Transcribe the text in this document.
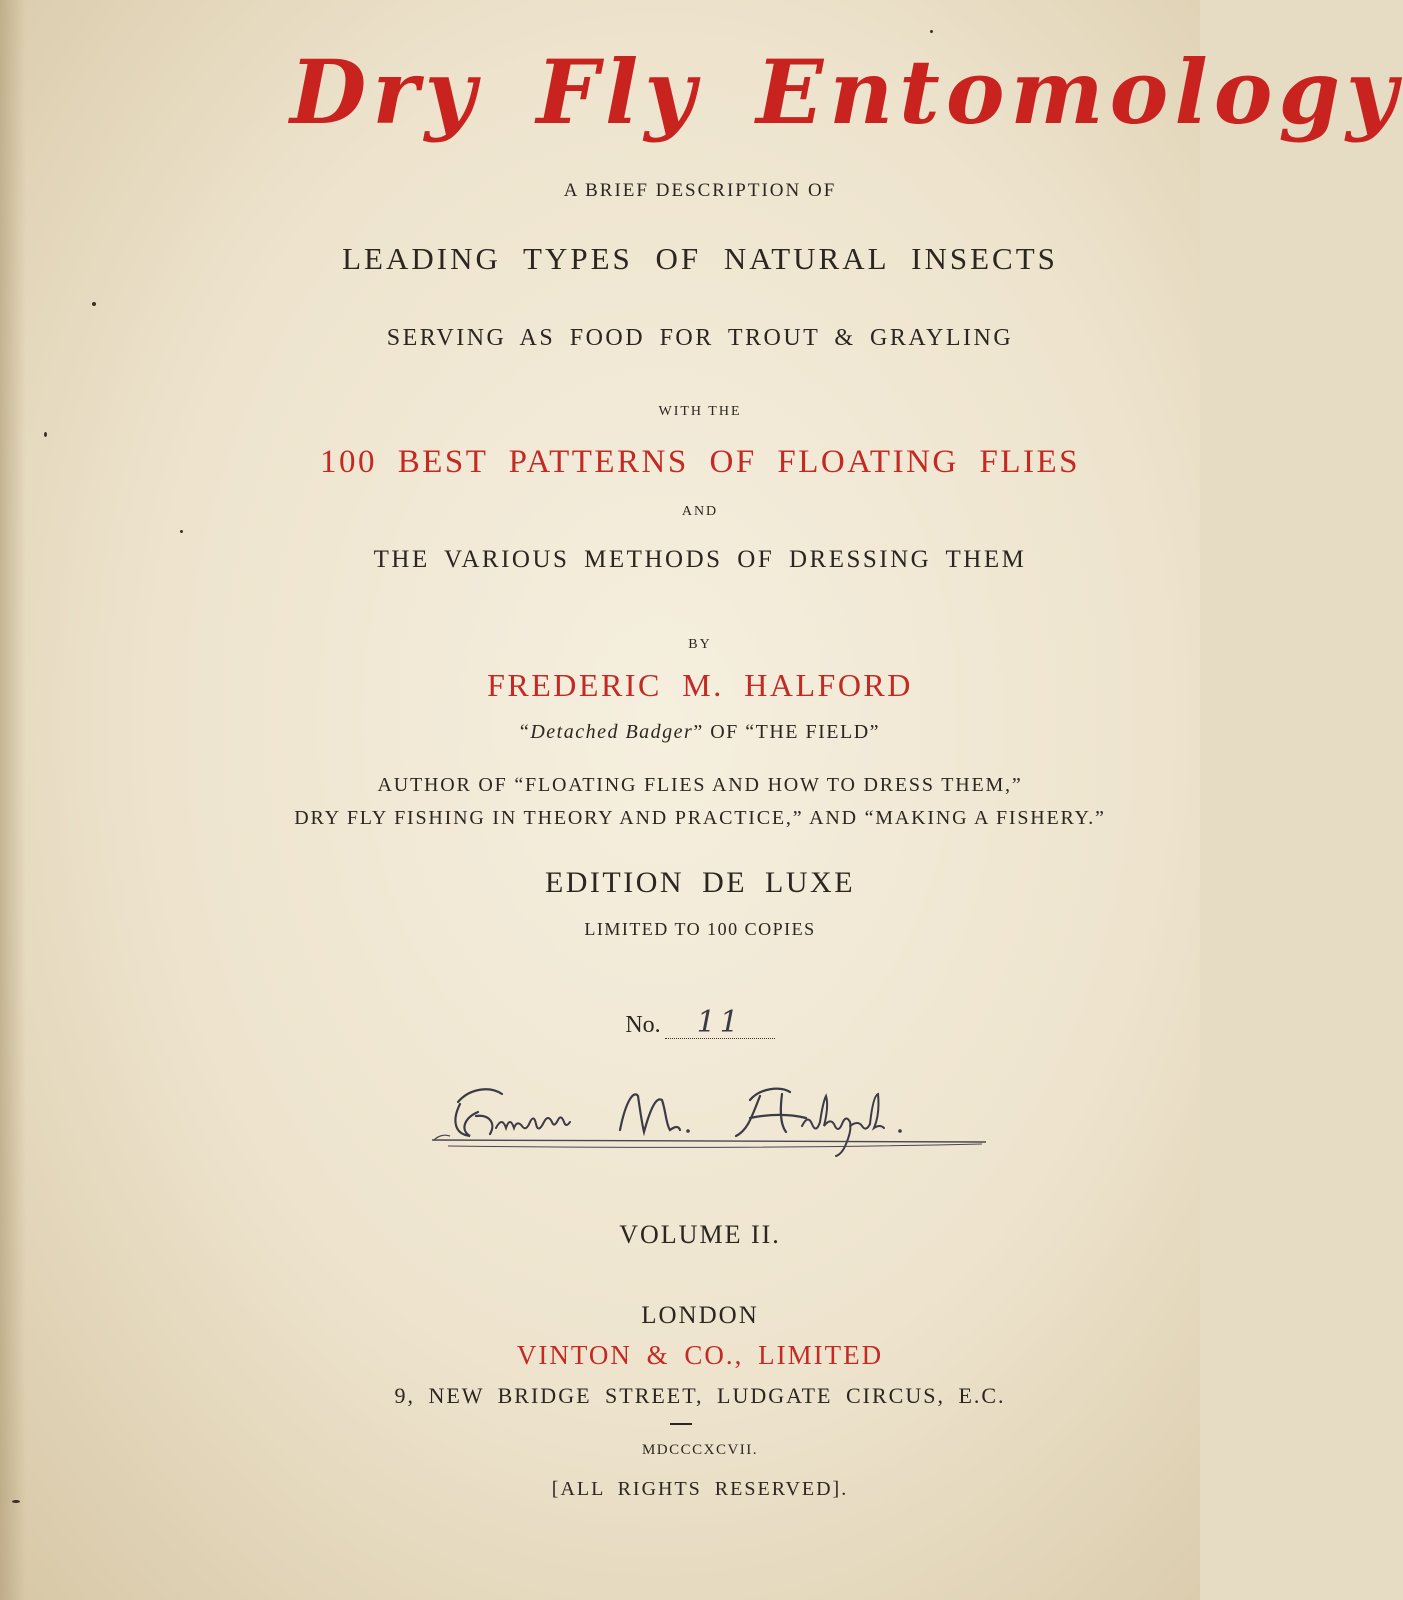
Dry Fly Entomology
A BRIEF DESCRIPTION OF
LEADING TYPES OF NATURAL INSECTS
SERVING AS FOOD FOR TROUT & GRAYLING
WITH THE
100 BEST PATTERNS OF FLOATING FLIES
AND
THE VARIOUS METHODS OF DRESSING THEM
BY
FREDERIC M. HALFORD
“Detached Badger” OF “THE FIELD”
AUTHOR OF “FLOATING FLIES AND HOW TO DRESS THEM,”
DRY FLY FISHING IN THEORY AND PRACTICE,” AND “MAKING A FISHERY.”
EDITION DE LUXE
LIMITED TO 100 COPIES
No. 11
VOLUME II.
LONDON
VINTON & CO., LIMITED
9, NEW BRIDGE STREET, LUDGATE CIRCUS, E.C.
MDCCCXCVII.
[ALL RIGHTS RESERVED].
